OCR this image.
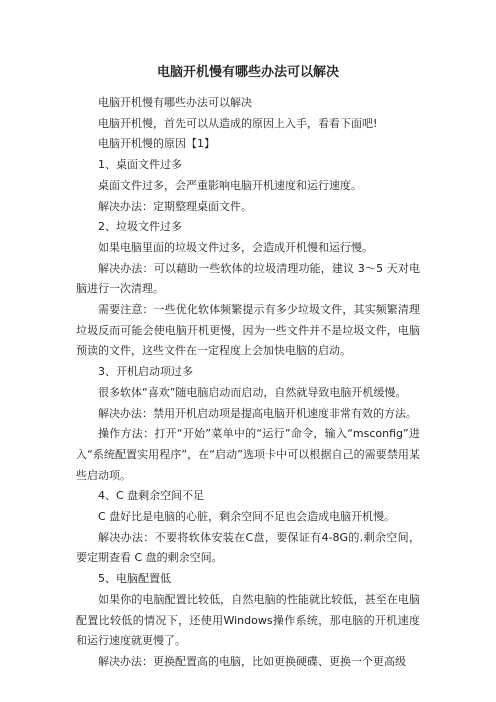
电脑开机慢有哪些办法可以解决

电脑开机慢有哪些办法可以解决

电脑开机慢，首先可以从造成的原因上入手，看看下面吧!

电脑开机慢的原因【1】

1、桌面文件过多

桌面文件过多，会严重影响电脑开机速度和运行速度。

解决办法：定期整理桌面文件。

2、垃圾文件过多

如果电脑里面的垃圾文件过多，会造成开机慢和运行慢。

解决办法：可以藉助一些软体的垃圾清理功能，建议 3～5 天对电脑进行一次清理。

需要注意：一些优化软体频繁提示有多少垃圾文件，其实频繁清理垃圾反而可能会使电脑开机更慢，因为一些文件并不是垃圾文件，电脑预读的文件，这些文件在一定程度上会加快电脑的启动。

3、开机启动项过多

很多软体“喜欢”随电脑启动而启动，自然就导致电脑开机缓慢。

解决办法：禁用开机启动项是提高电脑开机速度非常有效的方法。

操作方法：打开“开始”菜单中的“运行”命令，输入“msconfig”进入“系统配置实用程序”，在“启动”选项卡中可以根据自己的需要禁用某些启动项。

4、C 盘剩余空间不足

C 盘好比是电脑的心脏，剩余空间不足也会造成电脑开机慢。

解决办法：不要将软体安装在C盘，要保证有4-8G的.剩余空间，要定期查看 C 盘的剩余空间。

5、电脑配置低

如果你的电脑配置比较低，自然电脑的性能就比较低，甚至在电脑配置比较低的情况下，还使用Windows操作系统，那电脑的开机速度和运行速度就更慢了。

解决办法：更换配置高的电脑，比如更换硬碟、更换一个更高级
